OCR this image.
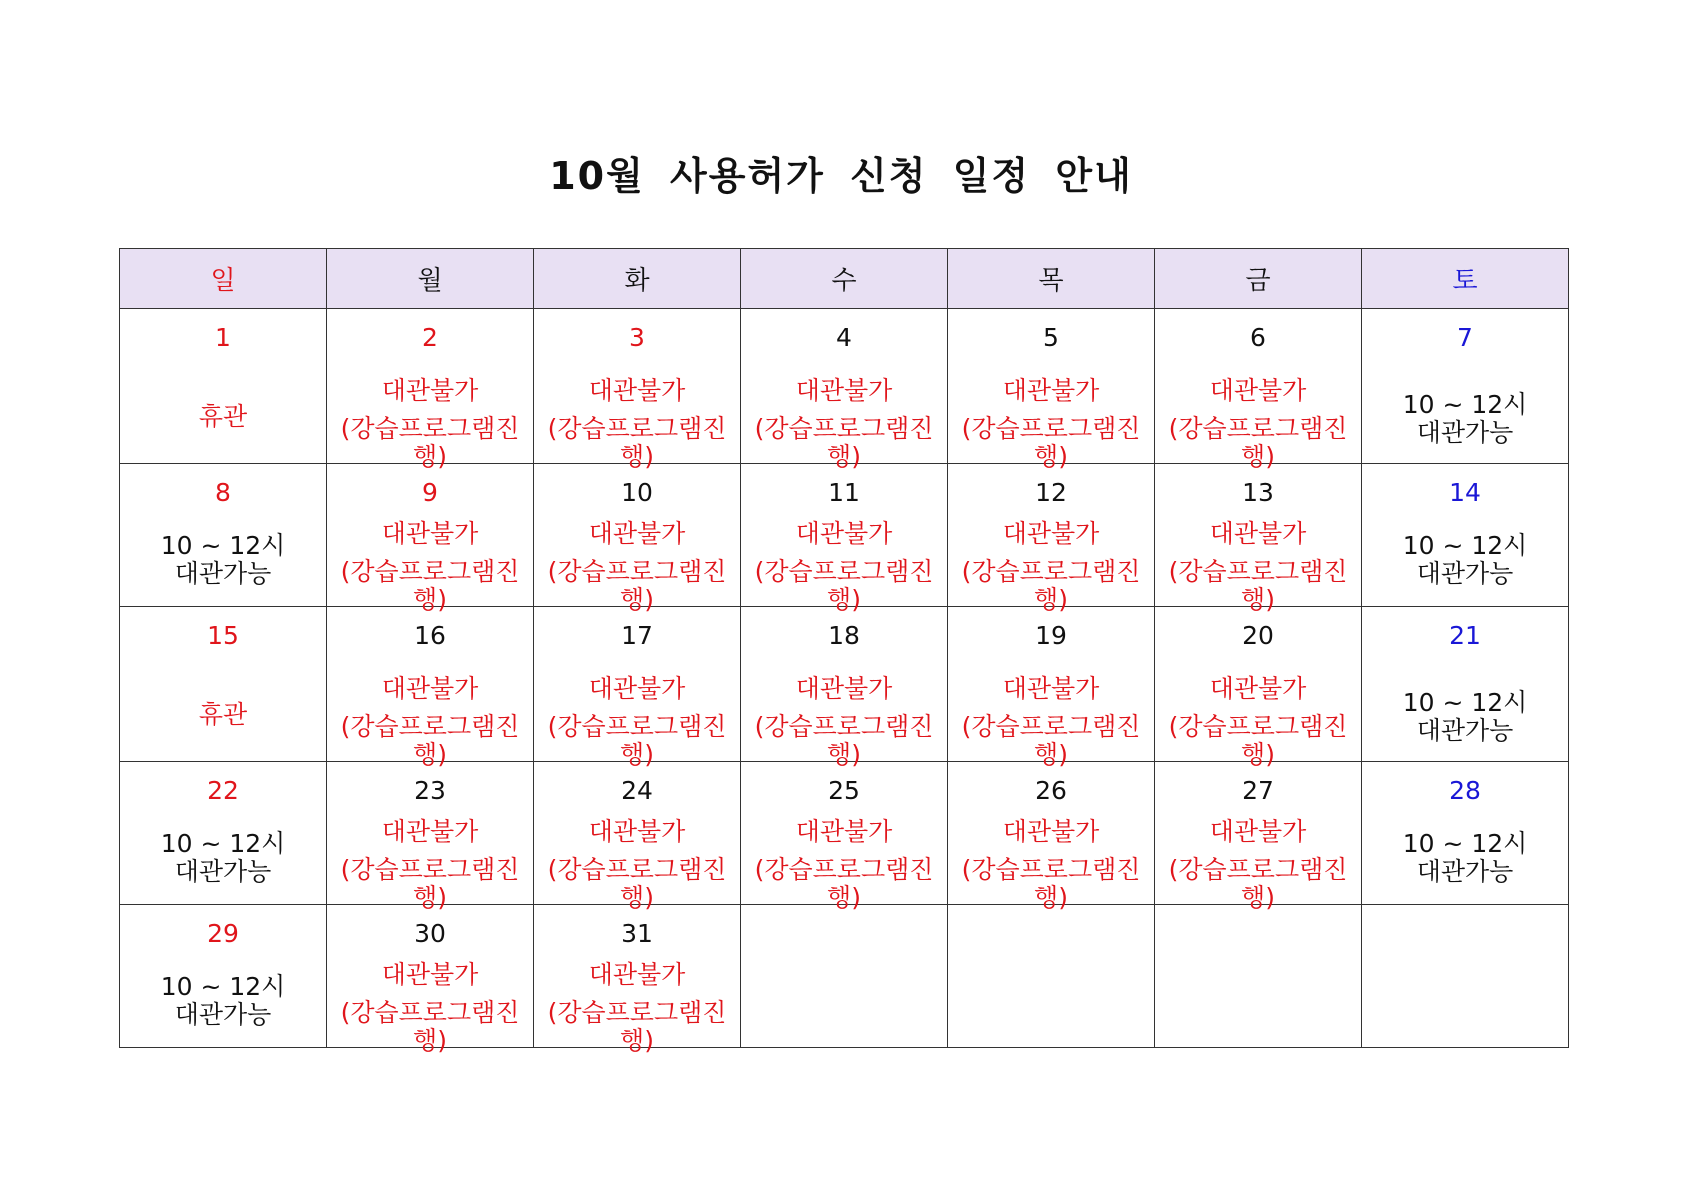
10월 사용허가 신청 일정 안내
일	월	화	수	목	금	토

1
휴관	2
대관불가
(강습프로그램진행)	3
대관불가
(강습프로그램진행)	4
대관불가
(강습프로그램진행)	5
대관불가
(강습프로그램진행)	6
대관불가
(강습프로그램진행)	7
10 ~ 12시
대관가능

8
10 ~ 12시
대관가능	9
대관불가
(강습프로그램진행)	10
대관불가
(강습프로그램진행)	11
대관불가
(강습프로그램진행)	12
대관불가
(강습프로그램진행)	13
대관불가
(강습프로그램진행)	14
10 ~ 12시
대관가능

15
휴관	16
대관불가
(강습프로그램진행)	17
대관불가
(강습프로그램진행)	18
대관불가
(강습프로그램진행)	19
대관불가
(강습프로그램진행)	20
대관불가
(강습프로그램진행)	21
10 ~ 12시
대관가능

22
10 ~ 12시
대관가능	23
대관불가
(강습프로그램진행)	24
대관불가
(강습프로그램진행)	25
대관불가
(강습프로그램진행)	26
대관불가
(강습프로그램진행)	27
대관불가
(강습프로그램진행)	28
10 ~ 12시
대관가능

29
10 ~ 12시
대관가능	30
대관불가
(강습프로그램진행)	31
대관불가
(강습프로그램진행)				
